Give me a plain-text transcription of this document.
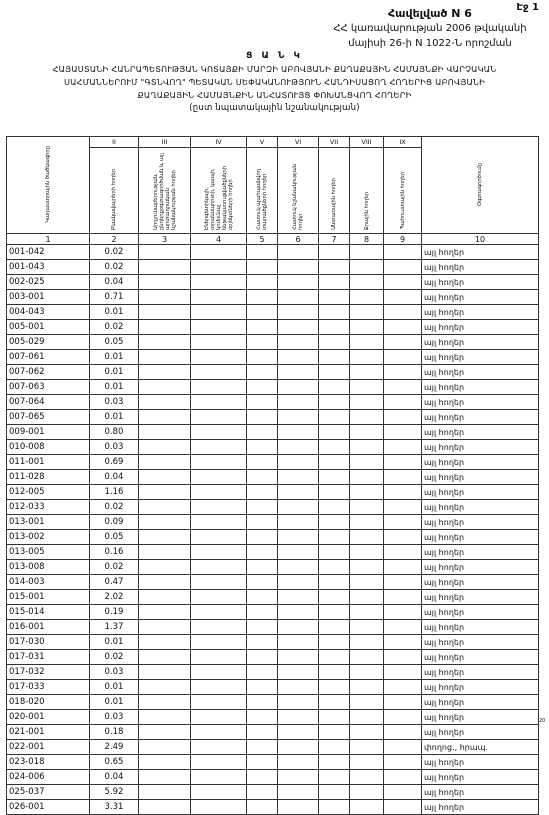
Էջ 1
Հավելված N 6
ՀՀ կառավարության 2006 թվականի
մայիսի 26-ի N 1022-Ն որոշման
Ց Ա Ն Կ
ՀԱՅԱՍՏԱՆԻ ՀԱՆՐԱՊԵՏՈՒԹՅԱՆ ԿՈՏԱՅՔԻ ՄԱՐԶԻ ԱԲՈՎՅԱՆԻ ՔԱՂԱՔԱՅԻՆ ՀԱՄԱՅՆՔԻ ՎԱՐՉԱԿԱՆ
ՍԱՀՄԱՆՆԵՐՈՒՄ "ԳՏՆՎՈՂ" ՊԵՏԱԿԱՆ ՍԵՓԱԿԱՆՈՒԹՅՈՒՆ ՀԱՆԴԻՍԱՑՈՂ ՀՈՂԵՐԻՑ ԱԲՈՎՅԱՆԻ
ՔԱՂԱՔԱՅԻՆ ՀԱՄԱՅՆՔԻՆ ԱՆՀԱՏՈՒՅՑ ՓՈԽԱՆՑՎՈՂ ՀՈՂԵՐԻ
(ըստ նպատակային նշանակության)
Կադաստրային ծածկագիրը	II	III	IV	V	VI	VII	VIII	IX	Օգտագործումը
	Բնակավայրերի հողեր	Արդյունաբերության, ընդերքօգտագործման և այլ արտադրական նշանակության հողեր	Էներգետիկայի, տրանսպորտի, կապի, կոմունալ ենթակառուցվածքների օբյեկտների հողեր	Հատուկ պահպանվող տարածքների հողեր	Հատուկ նշանակության հողեր	Անտառային հողեր	Ջրային հողեր	Պահուստային հողեր	
1	2	3	4	5	6	7	8	9	10
001-042	0.02								այլ հողեր
001-043	0.02								այլ հողեր
002-025	0.04								այլ հողեր
003-001	0.71								այլ հողեր
004-043	0.01								այլ հողեր
005-001	0.02								այլ հողեր
005-029	0.05								այլ հողեր
007-061	0.01								այլ հողեր
007-062	0.01								այլ հողեր
007-063	0.01								այլ հողեր
007-064	0.03								այլ հողեր
007-065	0.01								այլ հողեր
009-001	0.80								այլ հողեր
010-008	0.03								այլ հողեր
011-001	0.69								այլ հողեր
011-028	0.04								այլ հողեր
012-005	1.16								այլ հողեր
012-033	0.02								այլ հողեր
013-001	0.09								այլ հողեր
013-002	0.05								այլ հողեր
013-005	0.16								այլ հողեր
013-008	0.02								այլ հողեր
014-003	0.47								այլ հողեր
015-001	2.02								այլ հողեր
015-014	0.19								այլ հողեր
016-001	1.37								այլ հողեր
017-030	0.01								այլ հողեր
017-031	0.02								այլ հողեր
017-032	0.03								այլ հողեր
017-033	0.01								այլ հողեր
018-020	0.01								այլ հողեր
020-001	0.03								այլ հողեր
021-001	0.18								այլ հողեր
022-001	2.49								փողոց., հրապ.
023-018	0.65								այլ հողեր
024-006	0.04								այլ հողեր
025-037	5.92								այլ հողեր
026-001	3.31								այլ հողեր
20
